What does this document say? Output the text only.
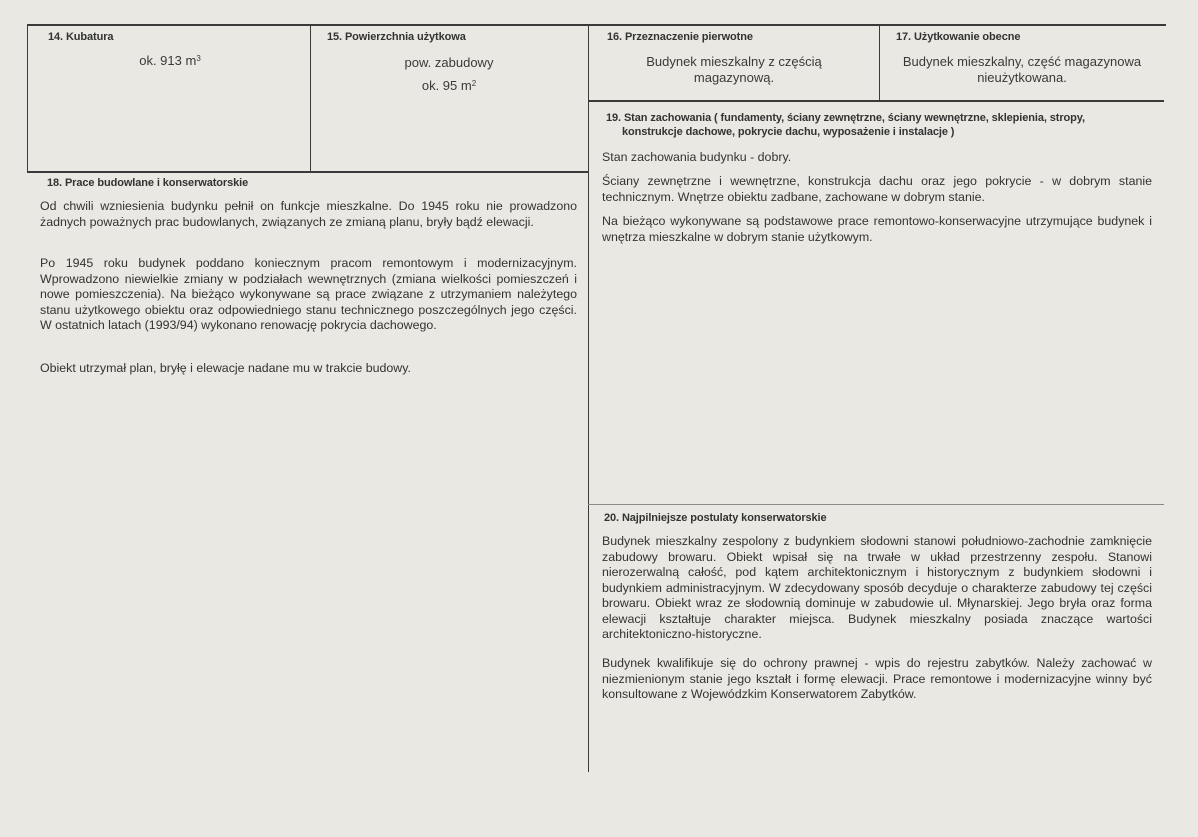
14. Kubatura
ok. 913 $m^3$
15. Powierzchnia użytkowa
pow. zabudowy
ok. 95 $m^2$
16. Przeznaczenie pierwotne
Budynek mieszkalny z częścią
magazynową.
17. Użytkowanie obecne
Budynek mieszkalny, część magazynowa
nieużytkowana.
18. Prace budowlane i konserwatorskie

Od chwili wzniesienia budynku pełnił on funkcje mieszkalne. Do 1945 roku nie prowadzono żadnych poważnych prac budowlanych, związanych ze zmianą planu, bryły bądź elewacji.

Po 1945 roku budynek poddano koniecznym pracom remontowym i modernizacyjnym. Wprowadzono niewielkie zmiany w podziałach wewnętrznych (zmiana wielkości pomieszczeń i nowe pomieszczenia). Na bieżąco wykonywane są prace związane z utrzymaniem należytego stanu użytkowego obiektu oraz odpowiedniego stanu technicznego poszczególnych jego części. W ostatnich latach (1993/94) wykonano renowację pokrycia dachowego.

Obiekt utrzymał plan, bryłę i elewacje nadane mu w trakcie budowy.

19. Stan zachowania ( fundamenty, ściany zewnętrzne, ściany wewnętrzne, sklepienia, stropy,
konstrukcje dachowe, pokrycie dachu, wyposażenie i instalacje )

Stan zachowania budynku - dobry.

Ściany zewnętrzne i wewnętrzne, konstrukcja dachu oraz jego pokrycie - w dobrym stanie technicznym. Wnętrze obiektu zadbane, zachowane w dobrym stanie.

Na bieżąco wykonywane są podstawowe prace remontowo-konserwacyjne utrzymujące budynek i wnętrza mieszkalne w dobrym stanie użytkowym.

20. Najpilniejsze postulaty konserwatorskie

Budynek mieszkalny zespolony z budynkiem słodowni stanowi południowo-zachodnie zamknięcie zabudowy browaru. Obiekt wpisał się na trwałe w układ przestrzenny zespołu. Stanowi nierozerwalną całość, pod kątem architektonicznym i historycznym z budynkiem słodowni i budynkiem administracyjnym. W zdecydowany sposób decyduje o charakterze zabudowy tej części browaru. Obiekt wraz ze słodownią dominuje w zabudowie ul. Młynarskiej. Jego bryła oraz forma elewacji kształtuje charakter miejsca. Budynek mieszkalny posiada znaczące wartości architektoniczno-historyczne.

Budynek kwalifikuje się do ochrony prawnej - wpis do rejestru zabytków. Należy zachować w niezmienionym stanie jego kształt i formę elewacji. Prace remontowe i modernizacyjne winny być konsultowane z Wojewódzkim Konserwatorem Zabytków.
